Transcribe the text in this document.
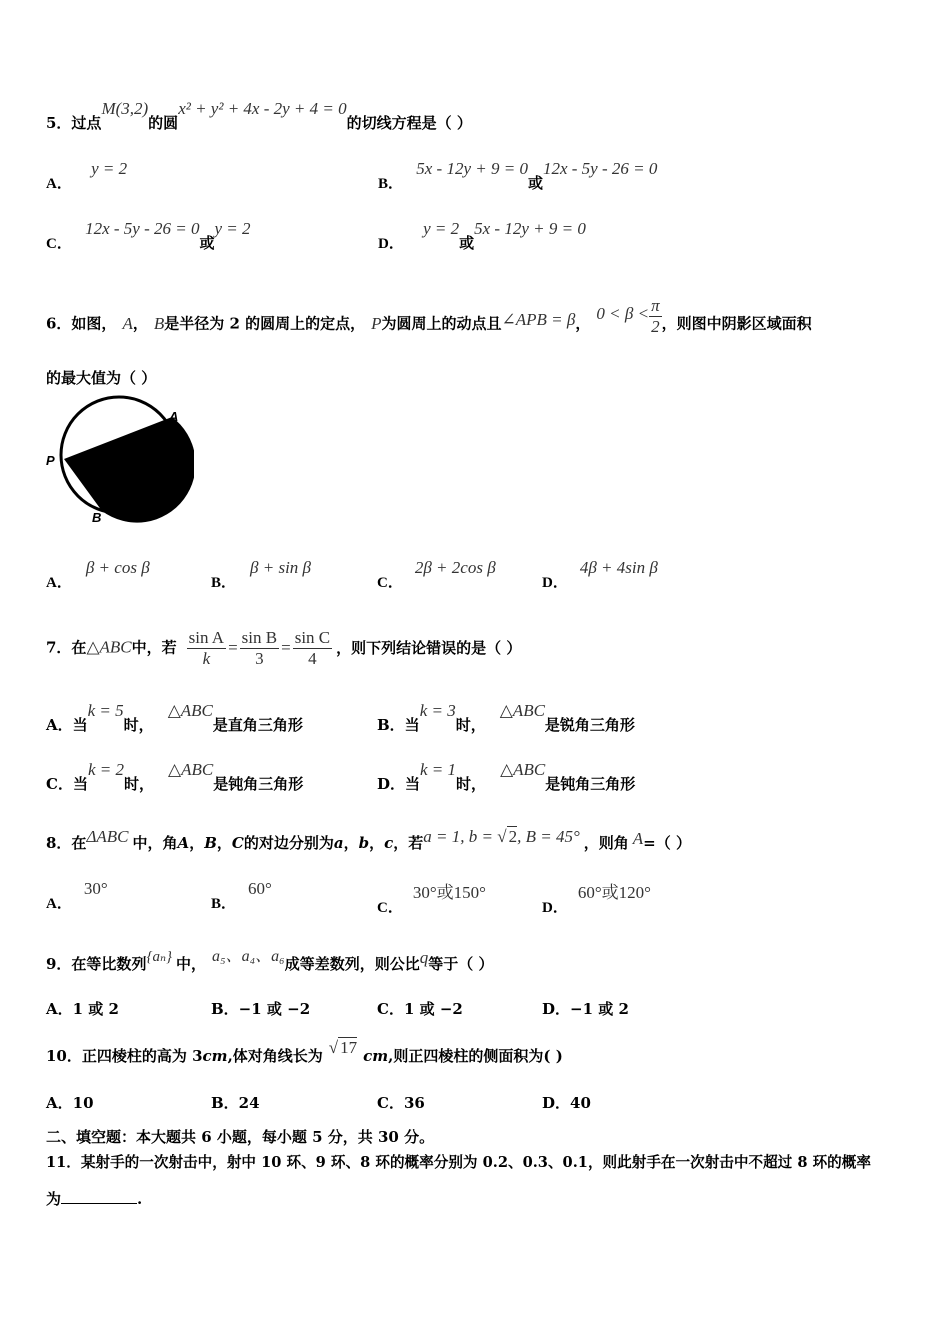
5．过点M(3,2)的圆x² + y² + 4x - 2y + 4 = 0的切线方程是（ ）
A． y = 2
B． 5x - 12y + 9 = 0或12x - 5y - 26 = 0
C． 12x - 5y - 26 = 0或y = 2
D． y = 2或5x - 12y + 9 = 0
6．如图， A， B是半径为 2 的圆周上的定点， P为圆周上的动点且∠APB = β，$0 < \beta < \frac{\pi}{2}$ ，则图中阴影区域面积
的最大值为（ ）
P
A
B
A．β + cos β
B．β + sin β
C．2β + 2cos β
D．4β + 4sin β
7．在△ABC中，若 $\frac{\text{sin A}}{k} = \frac{\text{sin B}}{3} = \frac{\text{sin C}}{4}$ ，则下列结论错误的是（ ）
A．当k = 5时，△ABC是直角三角形	B．当k = 3时，△ABC是锐角三角形
C．当k = 2时，△ABC是钝角三角形	D．当k = 1时，△ABC是钝角三角形
8．在ΔABC 中，角A，B，C的对边分别为a，b，c，若a = 1, b = √ 2, B = 45° ，则角 A=（ ）
A．30°
B．60°
C．30°或150°
D．60°或120°
9．在等比数列{aₙ} 中， a₅、a₄、a₆成等差数列，则公比q等于（ ）
A．1 或 2	B．−1 或 −2	C．1 或 −2	D．−1 或 2
10．正四棱柱的高为 3cm,体对角线长为 √ 17 cm,则正四棱柱的侧面积为( )
A．10	B．24	C．36	D．40
二、填空题：本大题共 6 小题，每小题 5 分，共 30 分。
11．某射手的一次射击中，射中 10 环、9 环、8 环的概率分别为 0.2、0.3、0.1，则此射手在一次射击中不超过 8 环的概率
为	.
